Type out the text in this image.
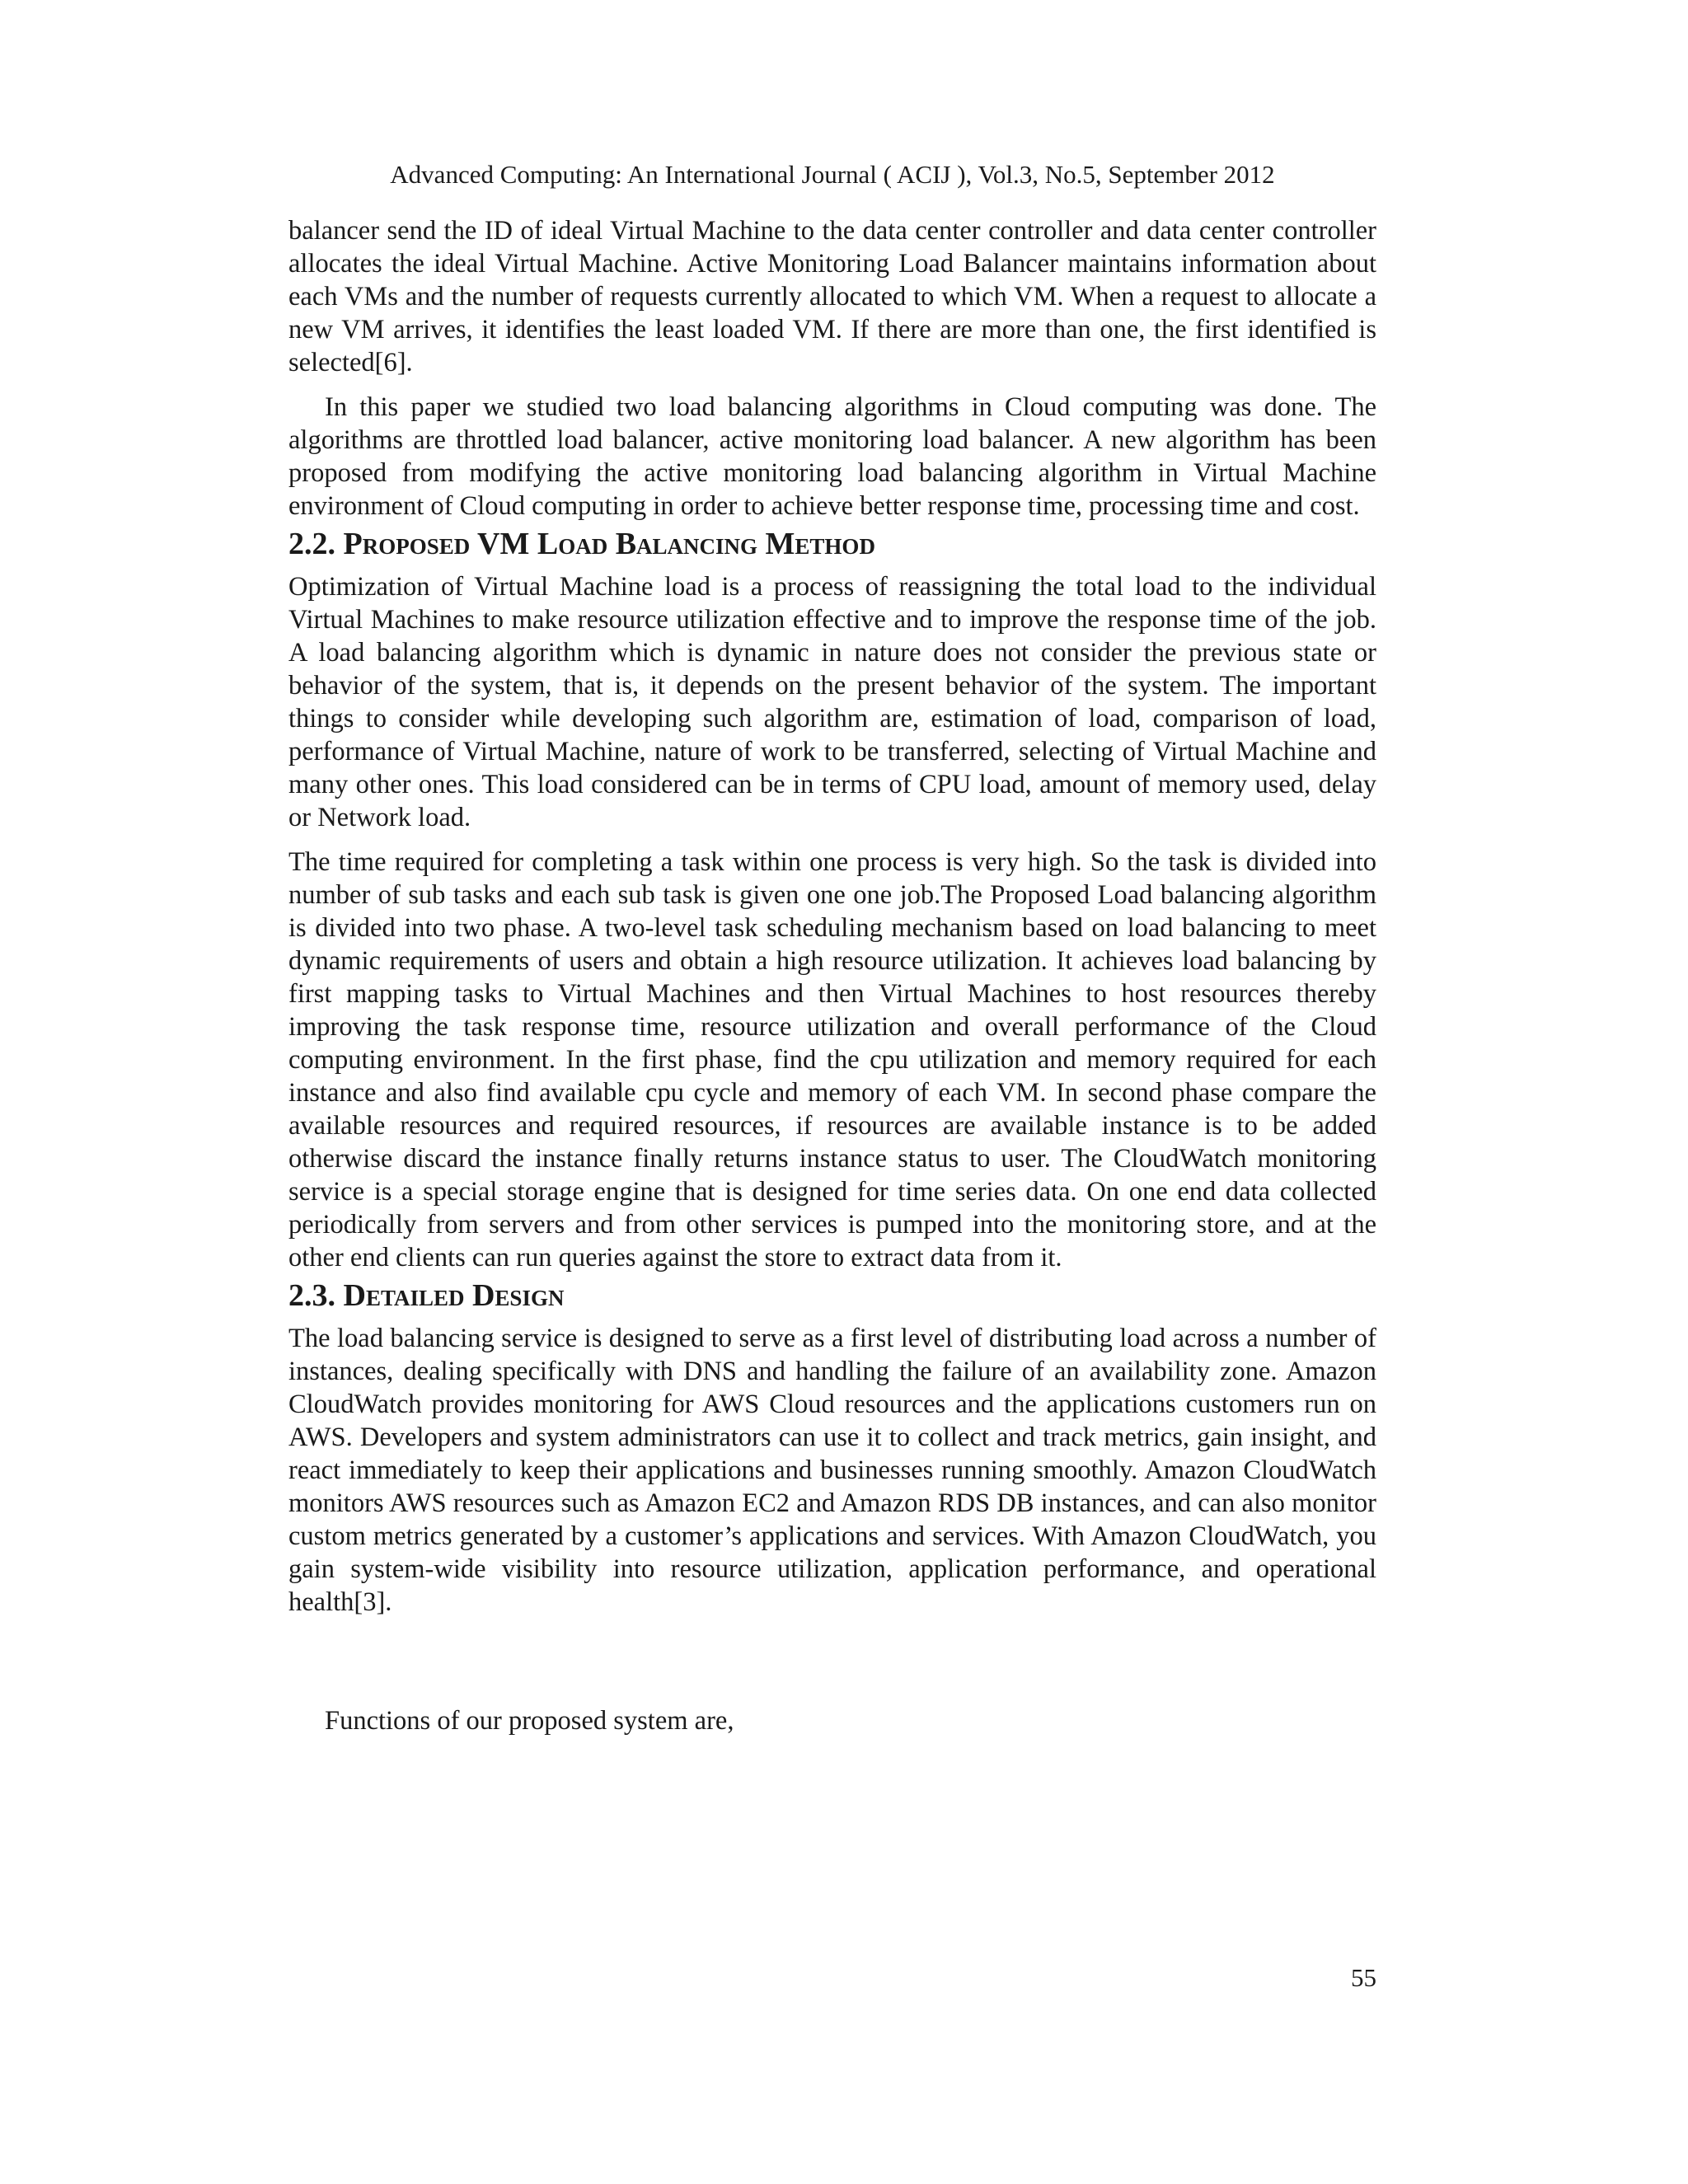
Advanced Computing: An International Journal ( ACIJ ), Vol.3, No.5, September 2012

balancer send the ID of ideal Virtual Machine to the data center controller and data center controller allocates the ideal Virtual Machine. Active Monitoring Load Balancer maintains information about each VMs and the number of requests currently allocated to which VM. When a request to allocate a new VM arrives, it identifies the least loaded VM. If there are more than one, the first identified is selected[6].

In this paper we studied two load balancing algorithms in Cloud computing was done. The algorithms are throttled load balancer, active monitoring load balancer. A new algorithm has been proposed from modifying the active monitoring load balancing algorithm in Virtual Machine environment of Cloud computing in order to achieve better response time, processing time and cost.

2.2. Proposed VM Load Balancing Method

Optimization of Virtual Machine load is a process of reassigning the total load to the individual Virtual Machines to make resource utilization effective and to improve the response time of the job. A load balancing algorithm which is dynamic in nature does not consider the previous state or behavior of the system, that is, it depends on the present behavior of the system. The important things to consider while developing such algorithm are, estimation of load, comparison of load, performance of Virtual Machine, nature of work to be transferred, selecting of Virtual Machine and many other ones. This load considered can be in terms of CPU load, amount of memory used, delay or Network load.

The time required for completing a task within one process is very high. So the task is divided into number of sub tasks and each sub task is given one one job.The Proposed Load balancing algorithm is divided into two phase. A two-level task scheduling mechanism based on load balancing to meet dynamic requirements of users and obtain a high resource utilization. It achieves load balancing by first mapping tasks to Virtual Machines and then Virtual Machines to host resources thereby improving the task response time, resource utilization and overall performance of the Cloud computing environment. In the first phase, find the cpu utilization and memory required for each instance and also find available cpu cycle and memory of each VM. In second phase compare the available resources and required resources, if resources are available instance is to be added otherwise discard the instance finally returns instance status to user. The CloudWatch monitoring service is a special storage engine that is designed for time series data. On one end data collected periodically from servers and from other services is pumped into the monitoring store, and at the other end clients can run queries against the store to extract data from it.

2.3. Detailed Design

The load balancing service is designed to serve as a first level of distributing load across a number of instances, dealing specifically with DNS and handling the failure of an availability zone. Amazon CloudWatch provides monitoring for AWS Cloud resources and the applications customers run on AWS. Developers and system administrators can use it to collect and track metrics, gain insight, and react immediately to keep their applications and businesses running smoothly. Amazon CloudWatch monitors AWS resources such as Amazon EC2 and Amazon RDS DB instances, and can also monitor custom metrics generated by a customer’s applications and services. With Amazon CloudWatch, you gain system-wide visibility into resource utilization, application performance, and operational health[3].

Functions of our proposed system are,

55
